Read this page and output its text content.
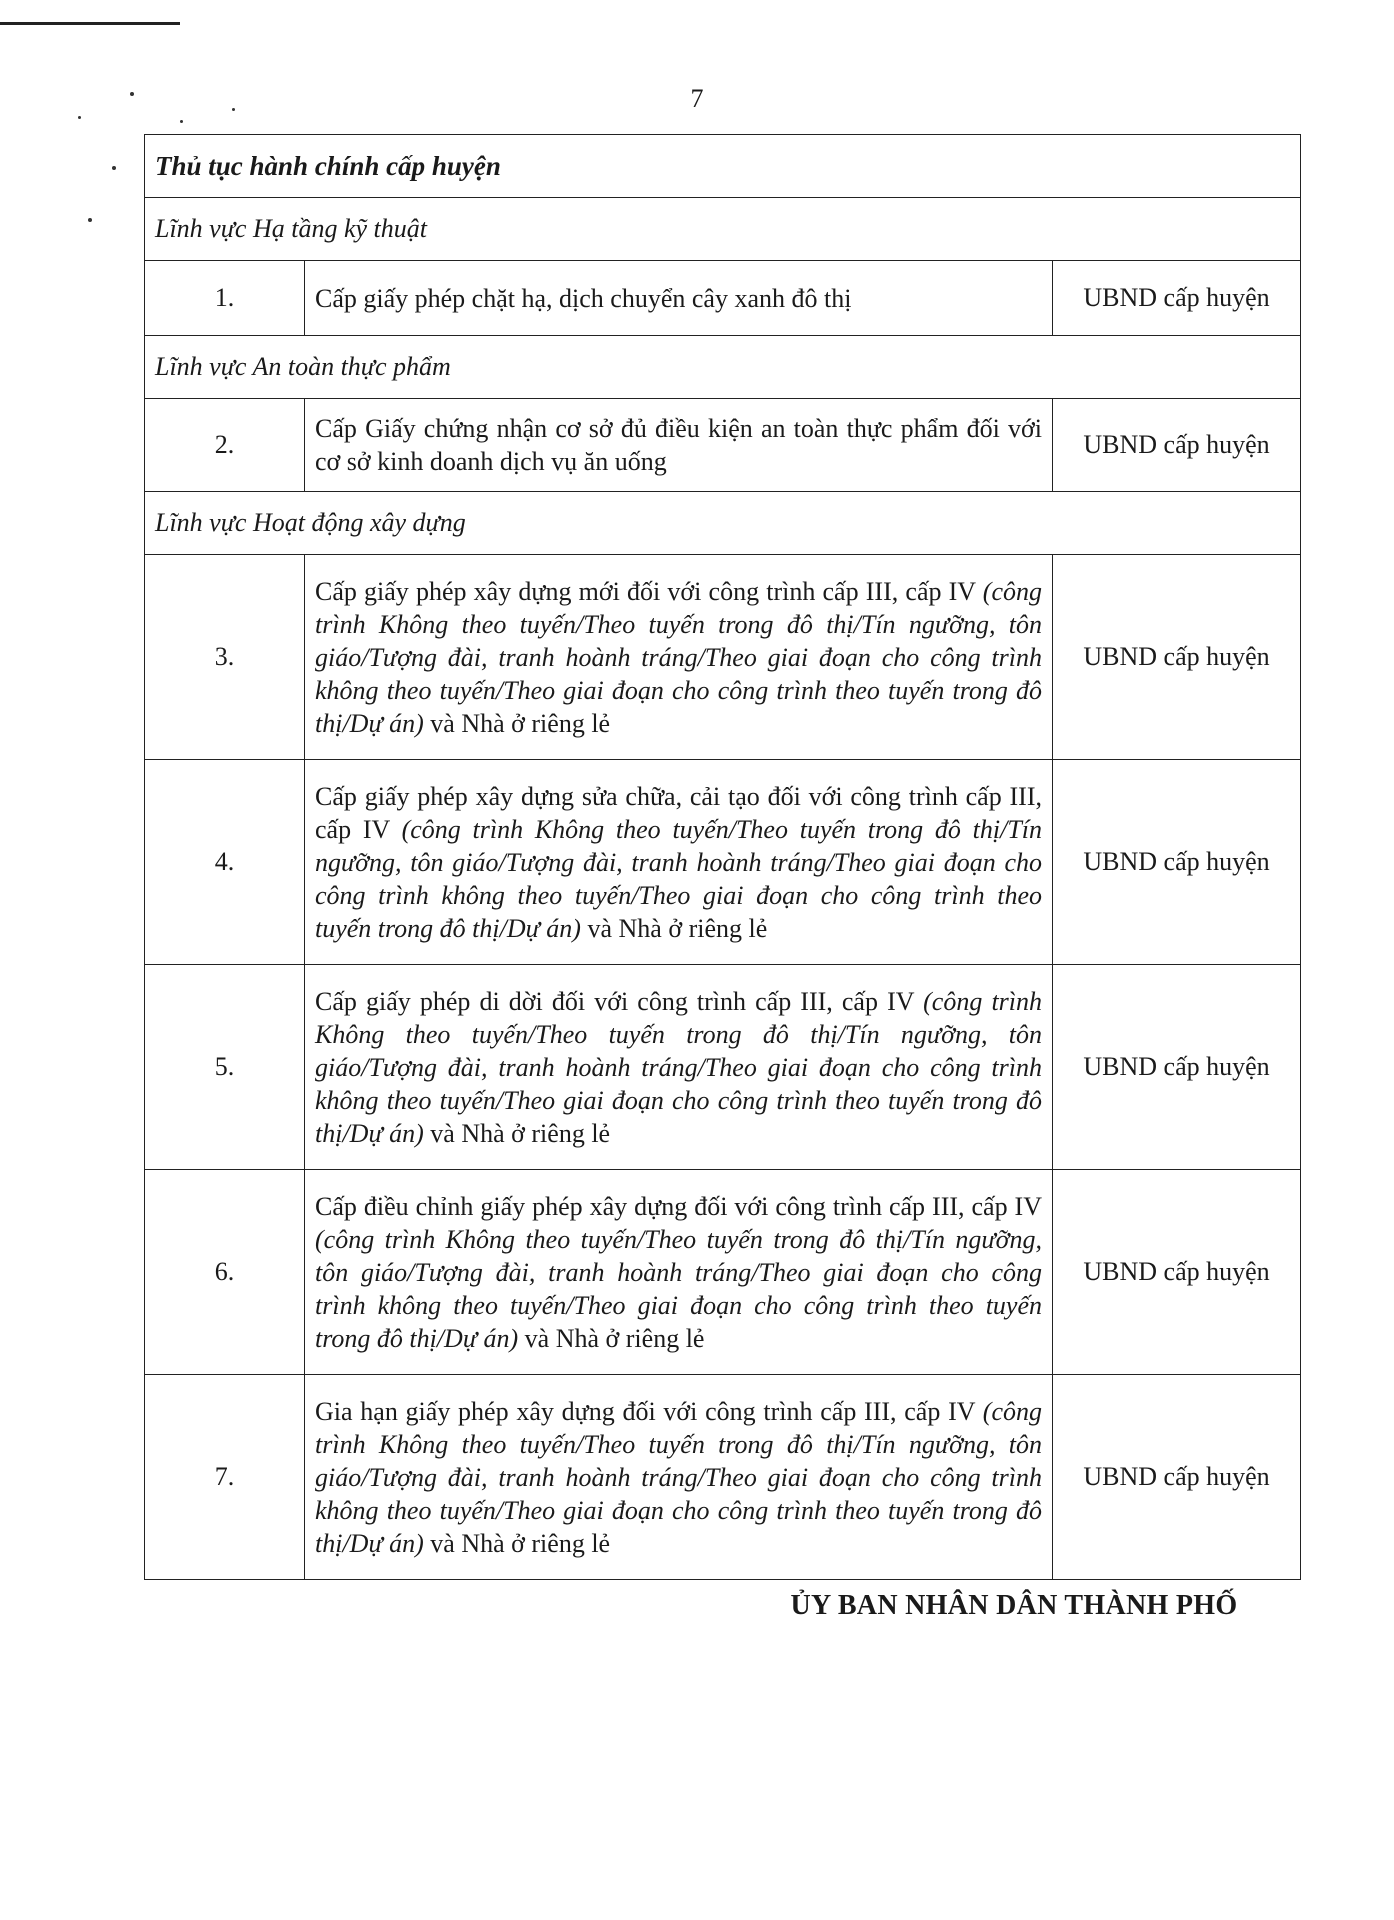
7
Thủ tục hành chính cấp huyện		
Lĩnh vực Hạ tầng kỹ thuật		
1.	Cấp giấy phép chặt hạ, dịch chuyển cây xanh đô thị	UBND cấp huyện
Lĩnh vực An toàn thực phẩm		
2.	Cấp Giấy chứng nhận cơ sở đủ điều kiện an toàn thực phẩm đối với cơ sở kinh doanh dịch vụ ăn uống	UBND cấp huyện
Lĩnh vực Hoạt động xây dựng		
3.	Cấp giấy phép xây dựng mới đối với công trình cấp III, cấp IV (công trình Không theo tuyến/Theo tuyến trong đô thị/Tín ngưỡng, tôn giáo/Tượng đài, tranh hoành tráng/Theo giai đoạn cho công trình không theo tuyến/Theo giai đoạn cho công trình theo tuyến trong đô thị/Dự án) và Nhà ở riêng lẻ	UBND cấp huyện
4.	Cấp giấy phép xây dựng sửa chữa, cải tạo đối với công trình cấp III, cấp IV (công trình Không theo tuyến/Theo tuyến trong đô thị/Tín ngưỡng, tôn giáo/Tượng đài, tranh hoành tráng/Theo giai đoạn cho công trình không theo tuyến/Theo giai đoạn cho công trình theo tuyến trong đô thị/Dự án) và Nhà ở riêng lẻ	UBND cấp huyện
5.	Cấp giấy phép di dời đối với công trình cấp III, cấp IV (công trình Không theo tuyến/Theo tuyến trong đô thị/Tín ngưỡng, tôn giáo/Tượng đài, tranh hoành tráng/Theo giai đoạn cho công trình không theo tuyến/Theo giai đoạn cho công trình theo tuyến trong đô thị/Dự án) và Nhà ở riêng lẻ	UBND cấp huyện
6.	Cấp điều chỉnh giấy phép xây dựng đối với công trình cấp III, cấp IV (công trình Không theo tuyến/Theo tuyến trong đô thị/Tín ngưỡng, tôn giáo/Tượng đài, tranh hoành tráng/Theo giai đoạn cho công trình không theo tuyến/Theo giai đoạn cho công trình theo tuyến trong đô thị/Dự án) và Nhà ở riêng lẻ	UBND cấp huyện
7.	Gia hạn giấy phép xây dựng đối với công trình cấp III, cấp IV (công trình Không theo tuyến/Theo tuyến trong đô thị/Tín ngưỡng, tôn giáo/Tượng đài, tranh hoành tráng/Theo giai đoạn cho công trình không theo tuyến/Theo giai đoạn cho công trình theo tuyến trong đô thị/Dự án) và Nhà ở riêng lẻ	UBND cấp huyện
ỦY BAN NHÂN DÂN THÀNH PHỐ
